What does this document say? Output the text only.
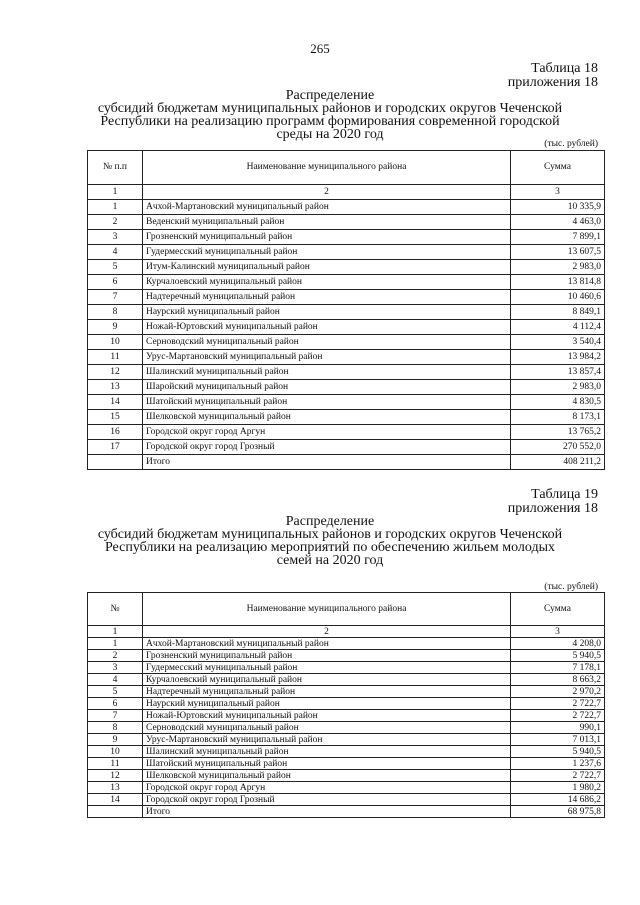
265
Таблица 18
приложения 18
Распределение
субсидий бюджетам муниципальных районов и городских округов Чеченской
Республики на реализацию программ формирования современной городской
среды на 2020 год
(тыс. рублей)
№ п.п	Наименование муниципального района	Сумма
1	2	3
1	Ачхой-Мартановский муниципальный район	10 335,9
2	Веденский муниципальный район	4 463,0
3	Грозненский муниципальный район	7 899,1
4	Гудермесский муниципальный район	13 607,5
5	Итум-Калинский муниципальный район	2 983,0
6	Курчалоевский муниципальный район	13 814,8
7	Надтеречный муниципальный район	10 460,6
8	Наурский муниципальный район	8 849,1
9	Ножай-Юртовский муниципальный район	4 112,4
10	Серноводский муниципальный район	3 540,4
11	Урус-Мартановский муниципальный район	13 984,2
12	Шалинский муниципальный район	13 857,4
13	Шаройский муниципальный район	2 983,0
14	Шатойский муниципальный район	4 830,5
15	Шелковской муниципальный район	8 173,1
16	Городской округ город Аргун	13 765,2
17	Городской округ город Грозный	270 552,0
	Итого	408 211,2
Таблица 19
приложения 18
Распределение
субсидий бюджетам муниципальных районов и городских округов Чеченской
Республики на реализацию мероприятий по обеспечению жильем молодых
семей на 2020 год
(тыс. рублей)
№	Наименование муниципального района	Сумма
1	2	3
1	Ачхой-Мартановский муниципальный район	4 208,0
2	Грозненский муниципальный район	5 940,5
3	Гудермесский муниципальный район	7 178,1
4	Курчалоевский муниципальный район	8 663,2
5	Надтеречный муниципальный район	2 970,2
6	Наурский муниципальный район	2 722,7
7	Ножай-Юртовский муниципальный район	2 722,7
8	Серноводский муниципальный район	990,1
9	Урус-Мартановский муниципальный район	7 013,1
10	Шалинский муниципальный район	5 940,5
11	Шатойский муниципальный район	1 237,6
12	Шелковской муниципальный район	2 722,7
13	Городской округ город Аргун	1 980,2
14	Городской округ город Грозный	14 686,2
	Итого	68 975,8
